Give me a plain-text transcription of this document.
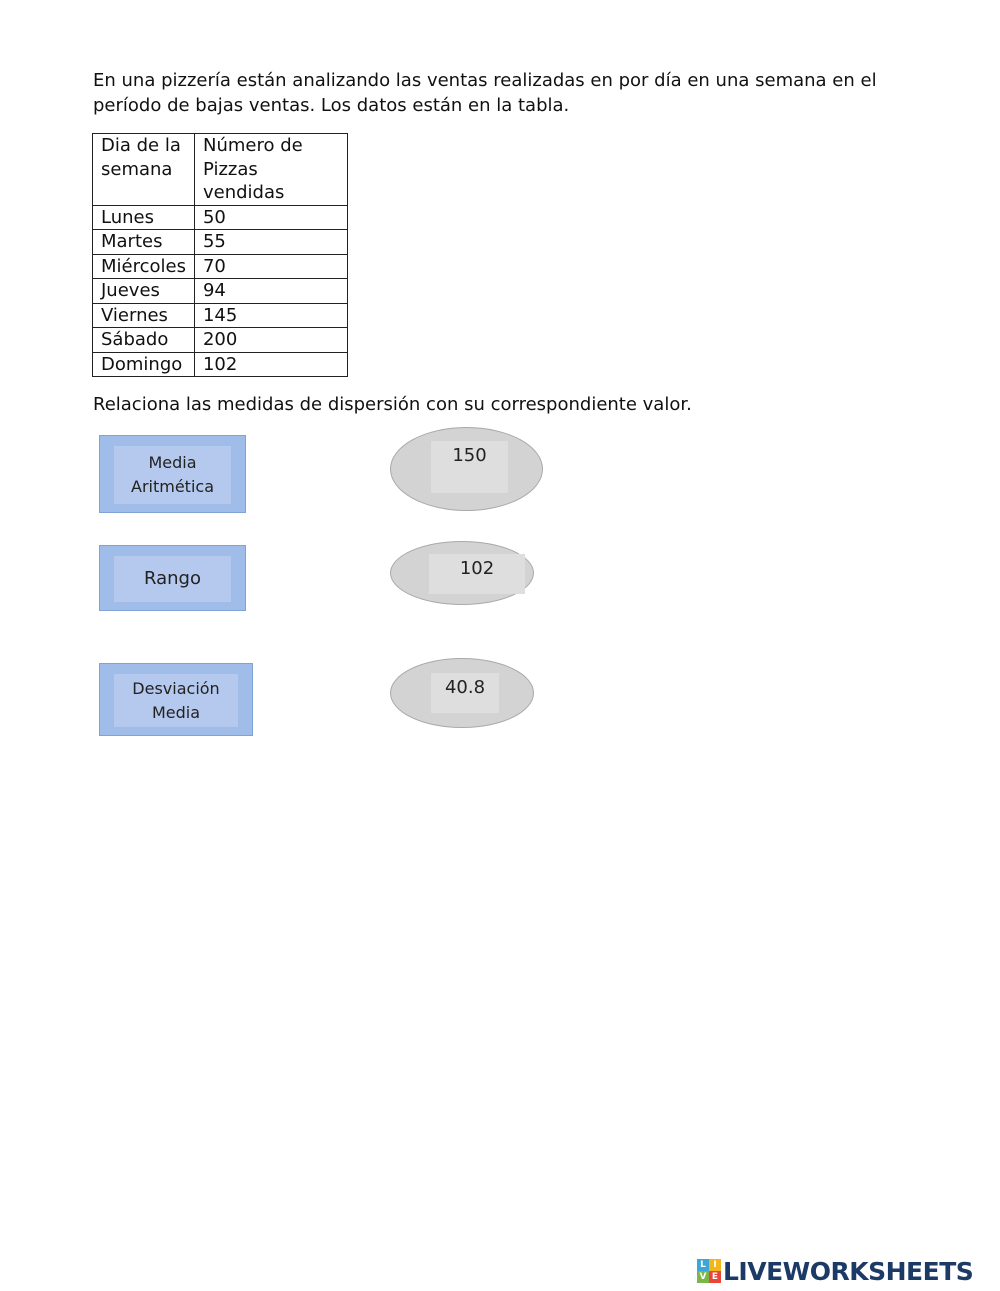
En una pizzería están analizando las ventas realizadas en por día en una semana en el período de bajas ventas. Los datos están en la tabla.

Dia de la semana	Número de Pizzas vendidas
Lunes	50
Martes	55
Miércoles	70
Jueves	94
Viernes	145
Sábado	200
Domingo	102

Relaciona las medidas de dispersión con su correspondiente valor.

Media
Aritmética
Rango
Desviación
Media
150
102
40.8
L I
V E LIVEWORKSHEETS
